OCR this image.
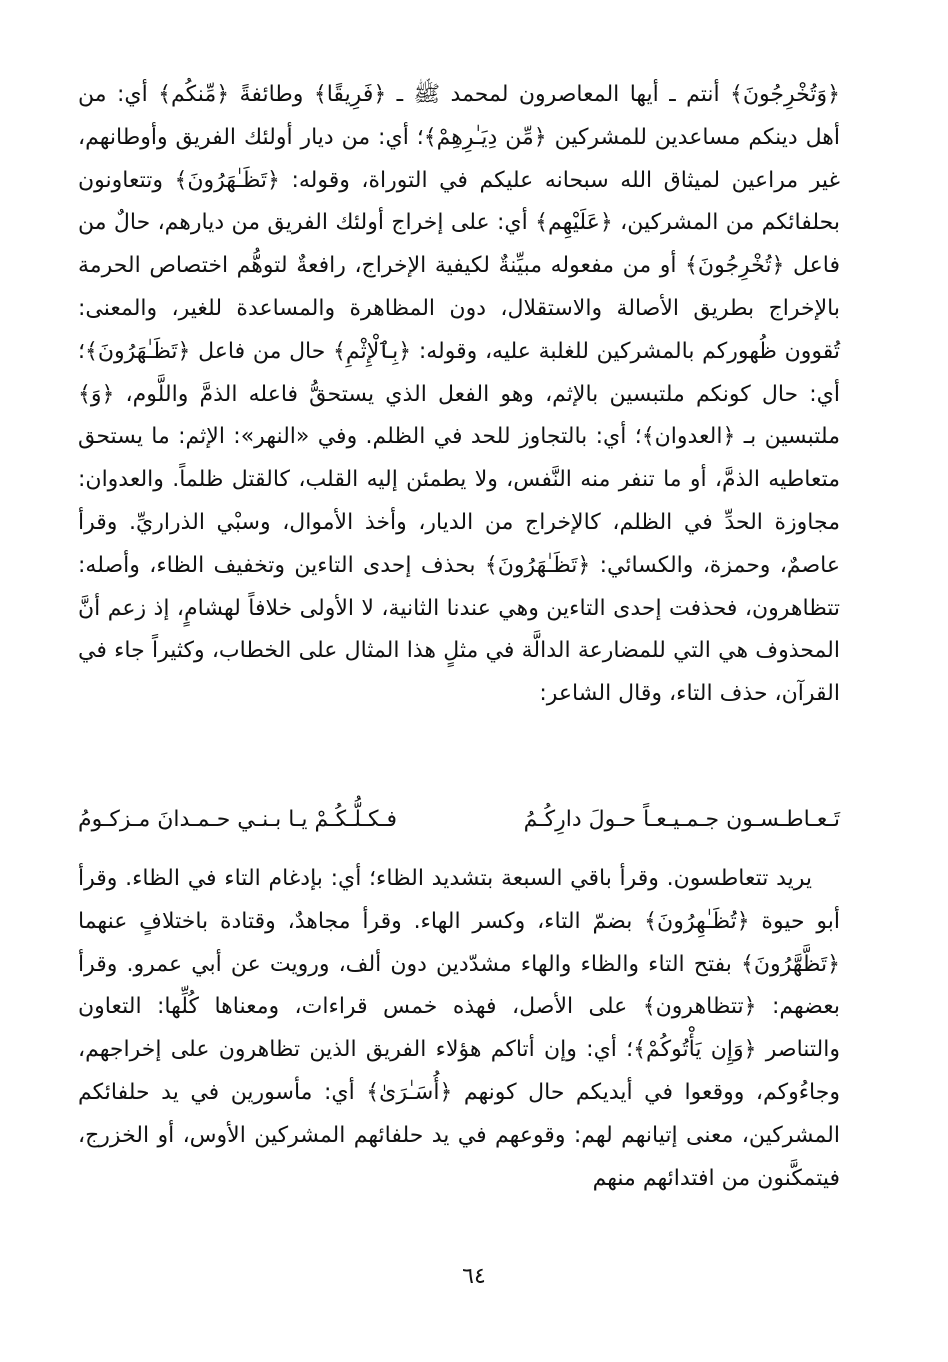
﴿وَتُخْرِجُونَ﴾ أنتم ـ أيها المعاصرون لمحمد ﷺ ـ ﴿فَرِيقًا﴾ وطائفةً ﴿مِّنكُم﴾ أي: من أهل دينكم مساعدين للمشركين ﴿مِّن دِيَـٰرِهِمْ﴾؛ أي: من ديار أولئك الفريق وأوطانهم، غير مراعين لميثاق الله سبحانه عليكم في التوراة، وقوله: ﴿تَظَـٰهَرُونَ﴾ وتتعاونون بحلفائكم من المشركين، ﴿عَلَيْهِم﴾ أي: على إخراج أولئك الفريق من ديارهم، حالٌ من فاعل ﴿تُخْرِجُونَ﴾ أو من مفعوله مبيِّنةٌ لكيفية الإخراج، رافعةٌ لتوهُّم اختصاص الحرمة بالإخراج بطريق الأصالة والاستقلال، دون المظاهرة والمساعدة للغير، والمعنى: تُقوون ظُهوركم بالمشركين للغلبة عليه، وقوله: ﴿بِٱلْإِثْمِ﴾ حال من فاعل ﴿تَظَـٰهَرُونَ﴾؛ أي: حال كونكم ملتبسين بالإثم، وهو الفعل الذي يستحقُّ فاعله الذمَّ واللَّوم، ﴿وَ﴾ ملتبسين بـ ﴿العدوان﴾؛ أي: بالتجاوز للحد في الظلم. وفي «النهر»: الإثم: ما يستحق متعاطيه الذمَّ، أو ما تنفر منه النَّفس، ولا يطمئن إليه القلب، كالقتل ظلماً. والعدوان: مجاوزة الحدِّ في الظلم، كالإخراج من الديار، وأخذ الأموال، وسبْي الذراريِّ. وقرأ عاصمٌ، وحمزة، والكسائي: ﴿تَظَـٰهَرُونَ﴾ بحذف إحدى التاءين وتخفيف الظاء، وأصله: تتظاهرون، فحذفت إحدى التاءين وهي عندنا الثانية، لا الأولى خلافاً لهشامٍ، إذ زعم أنَّ المحذوف هي التي للمضارعة الدالَّة في مثلٍ هذا المثال على الخطاب، وكثيراً جاء في القرآن، حذف التاء، وقال الشاعر:

تَـعـاطـسـون جـمـيـعـاً حـولَ دارِكُـمُ
فـكـلُّـكُـمْ يـا بـنـي حـمـدانَ مـزكـومُ

يريد تتعاطسون. وقرأ باقي السبعة بتشديد الظاء؛ أي: بإدغام التاء في الظاء. وقرأ أبو حيوة ﴿تُظَـٰهِرُونَ﴾ بضمّ التاء، وكسر الهاء. وقرأ مجاهدٌ، وقتادة باختلافٍ عنهما ﴿تَظَّهَّرُونَ﴾ بفتح التاء والظاء والهاء مشدّدين دون ألف، ورويت عن أبي عمرو. وقرأ بعضهم: ﴿تتظاهرون﴾ على الأصل، فهذه خمس قراءات، ومعناها كُلِّها: التعاون والتناصر ﴿وَإِن يَأْتُوكُمْ﴾؛ أي: وإن أتاكم هؤلاء الفريق الذين تظاهرون على إخراجهم، وجاءُوكم، ووقعوا في أيديكم حال كونهم ﴿أُسَـٰرَىٰ﴾ أي: مأسورين في يد حلفائكم المشركين، معنى إتيانهم لهم: وقوعهم في يد حلفائهم المشركين الأوس، أو الخزرج، فيتمكَّنون من افتدائهم منهم

٦٤
